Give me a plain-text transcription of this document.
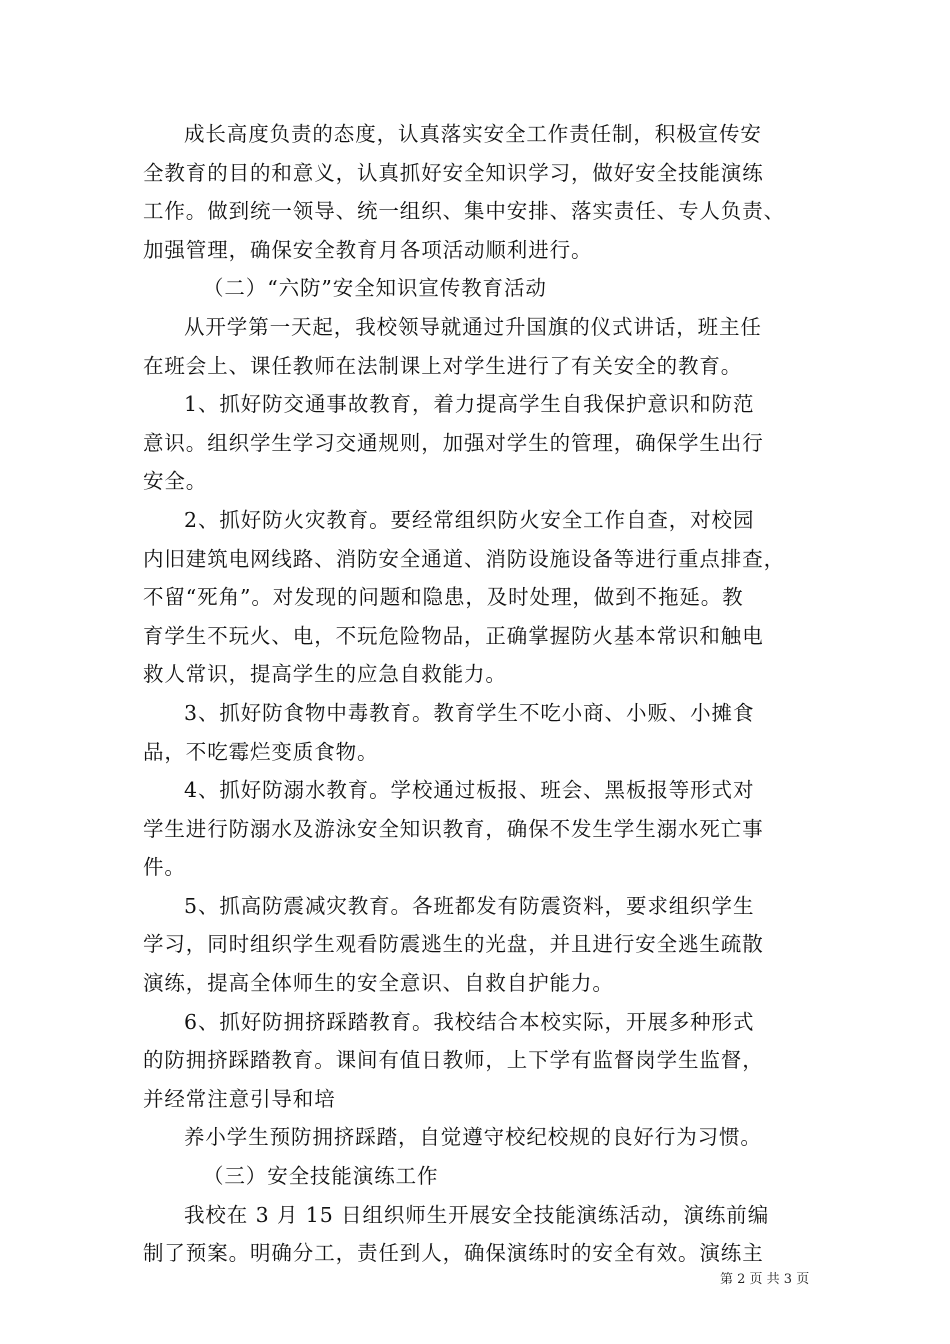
成长高度负责的态度，认真落实安全工作责任制，积极宣传安
全教育的目的和意义，认真抓好安全知识学习，做好安全技能演练
工作。做到统一领导、统一组织、集中安排、落实责任、专人负责、
加强管理，确保安全教育月各项活动顺利进行。
（二）“六防”安全知识宣传教育活动
从开学第一天起，我校领导就通过升国旗的仪式讲话，班主任
在班会上、课任教师在法制课上对学生进行了有关安全的教育。
1、抓好防交通事故教育，着力提高学生自我保护意识和防范
意识。组织学生学习交通规则，加强对学生的管理，确保学生出行
安全。
2、抓好防火灾教育。要经常组织防火安全工作自查，对校园
内旧建筑电网线路、消防安全通道、消防设施设备等进行重点排查，
不留“死角”。对发现的问题和隐患，及时处理，做到不拖延。教
育学生不玩火、电，不玩危险物品，正确掌握防火基本常识和触电
救人常识，提高学生的应急自救能力。
3、抓好防食物中毒教育。教育学生不吃小商、小贩、小摊食
品，不吃霉烂变质食物。
4、抓好防溺水教育。学校通过板报、班会、黑板报等形式对
学生进行防溺水及游泳安全知识教育，确保不发生学生溺水死亡事
件。
5、抓高防震减灾教育。各班都发有防震资料，要求组织学生
学习，同时组织学生观看防震逃生的光盘，并且进行安全逃生疏散
演练，提高全体师生的安全意识、自救自护能力。
6、抓好防拥挤踩踏教育。我校结合本校实际，开展多种形式
的防拥挤踩踏教育。课间有值日教师，上下学有监督岗学生监督，
并经常注意引导和培
养小学生预防拥挤踩踏，自觉遵守校纪校规的良好行为习惯。
（三）安全技能演练工作
我校在 3 月 15 日组织师生开展安全技能演练活动，演练前编
制了预案。明确分工，责任到人，确保演练时的安全有效。演练主
第 2 页 共 3 页
